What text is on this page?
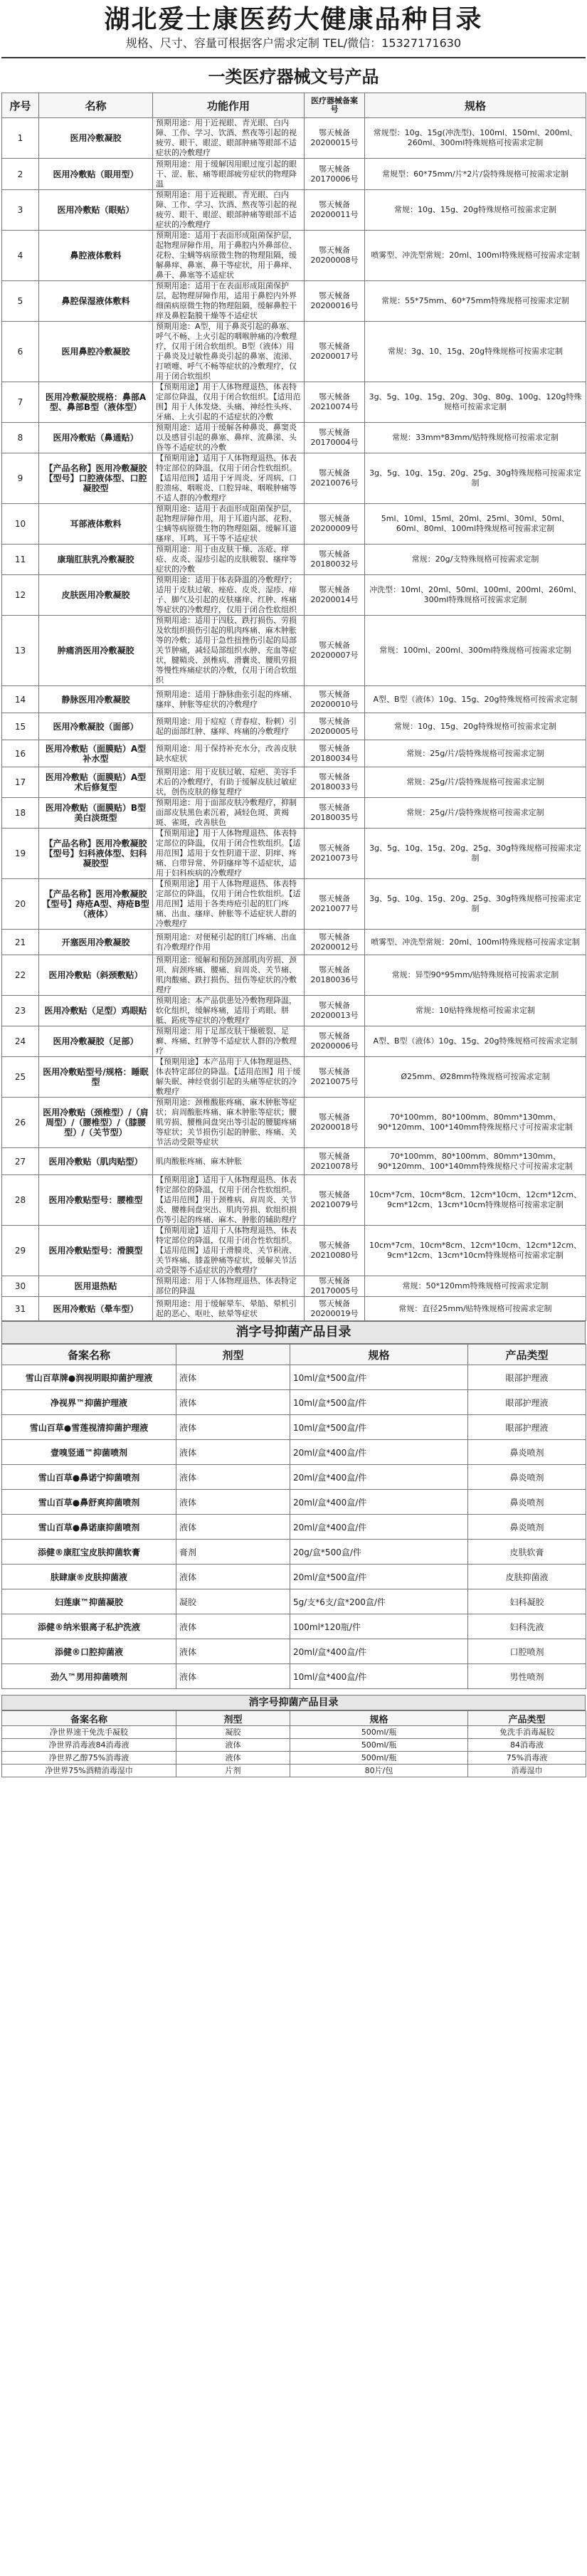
湖北爱士康医药大健康品种目录
规格、尺寸、容量可根据客户需求定制 TEL/微信：15327171630
一类医疗器械文号产品
序号	名称	功能作用	医疗器械备案号	规格
1	医用冷敷凝胶	预期用途：用于近视眼、青光眼、白内障、工作、学习、饮酒、熬夜等引起的视疲劳、眼干、眼涩、眼部肿痛等眼部不适症状的冷敷理疗	鄂天械备20200015号	常规型：10g、15g(冲洗型)、100ml、150ml、200ml、260ml、300ml特殊规格可按需求定制
2	医用冷敷贴（眼用型）	预期用途：用于缓解因用眼过度引起的眼干、涩、胀、痛等眼部疲劳症状的物理降温	鄂天械备20170006号	常规型：60*75mm/片*2片/袋特殊规格可按需求定制
3	医用冷敷贴（眼贴）	预期用途：用于近视眼、青光眼、白内障、工作、学习、饮酒、熬夜等引起的视疲劳、眼干、眼涩、眼部肿痛等眼部不适症状的冷敷理疗	鄂天械备20200011号	常规：10g、15g、20g特殊规格可按需求定制
4	鼻腔液体敷料	预期用途：适用于表面形成阻菌保护层，起物理屏障作用，用于鼻腔内外鼻部位、花粉、尘螨等病原微生物的物理阻隔，缓解鼻痒、鼻塞、鼻干等症状，用于鼻痒、鼻干、鼻塞等不适症状	鄂天械备20200008号	喷雾型、冲洗型常规：20ml、100ml特殊规格可按需求定制
5	鼻腔保湿液体敷料	预期用途：适用于在表面形成阻菌保护层，起物理屏障作用，适用于鼻腔内外界细菌病原微生物的物理阻隔，缓解鼻腔干痒及鼻腔黏膜干燥等不适症状	鄂天械备20200016号	常规：55*75mm、60*75mm特殊规格可按需求定制
6	医用鼻腔冷敷凝胶	预期用途：A型，用于鼻炎引起的鼻塞、呼气不畅、上火引起的咽喉肿痛的冷敷理疗，仅用于闭合软组织。B型（液体）用于鼻炎及过敏性鼻炎引起的鼻塞、流涕、打喷嚏、呼气不畅等症状的冷敷理疗，仅用于闭合软组织	鄂天械备20200017号	常规：3g、10、15g、20g特殊规格可按需求定制
7	医用冷敷凝胶规格：鼻部A型、鼻部B型（液体型）	【预期用途】用于人体物理退热、体表特定部位降温，仅用于闭合软组织。【适用范围】用于人体发烧、头痛、神经性头疼、牙痛、上火引起的不适症状的冷敷	鄂天械备20210074号	3g、5g、10g、15g、20g、30g、80g、100g、120g特殊规格可按需求定制
8	医用冷敷贴（鼻通贴）	预期用途：适用于缓解各种鼻炎、鼻窦炎以及感冒引起的鼻塞、鼻痒、流鼻涕、头昏等不适症状的冷敷	鄂天械备20170004号	常规：33mm*83mm/贴特殊规格可按需求定制
9	【产品名称】医用冷敷凝胶【型号】口腔液体型、口腔凝胶型	【预期用途】适用于人体物理退热、体表特定部位的降温，仅用于闭合性软组织。【适用范围】适用于牙周炎、牙周病、口腔溃疡、咽喉炎、口腔异味、咽喉肿痛等不适人群的冷敷理疗	鄂天械备20210076号	3g、5g、10g、15g、20g、25g、30g特殊规格可按需求定制
10	耳部液体敷料	预期用途：适用于表面形成阻菌保护层，起物理屏障作用，用于耳道内部、花粉、尘螨等病原微生物的物理阻隔、缓解耳道瘙痒、耳鸣、耳干等不适症状	鄂天械备20200009号	5ml、10ml、15ml、20ml、25ml、30ml、50ml、60ml、80ml、100ml特殊规格可按需求定制
11	康瑞肛肤乳冷敷凝胶	预期用途：用于由皮肤干燥、冻疮、痒疮、皮炎、湿疹引起的皮肤皲裂、瘙痒等症状的冷敷	鄂天械备20180032号	常规：20g/支特殊规格可按需求定制
12	皮肤医用冷敷凝胶	预期用途：适用于体表降温的冷敷理疗；适用于皮肤过敏、痤疮、皮炎、湿疹、痱子、脚气及引起的皮肤瘙痒、红肿、疼痛等症状的冷敷理疗，仅用于闭合性软组织	鄂天械备20200014号	冲洗型：10ml、20ml、50ml、100ml、200ml、260ml、300ml特殊规格可按需求定制
13	肿痛消医用冷敷凝胶	预期用途：适用于四肢、跌打损伤、劳损及软组织损伤引起的肌肉疼痛、麻木肿胀等的冷敷；适用于急性扭挫伤引起的局部关节肿痛，减轻局部组织水肿、充血等症状，腱鞘炎、颈椎病、滑囊炎、腰肌劳损等慢性疼痛症状的冷敷，仅用于闭合软组织	鄂天械备20200007号	常规：100ml、200ml、300ml特殊规格可按需求定制
14	静脉医用冷敷凝胶	预期用途：适用于静脉曲张引起的疼痛、瘙痒、肿胀等症状的冷敷理疗	鄂天械备20200010号	A型、B型（液体）10g、15g、20g特殊规格可按需求定制
15	医用冷敷凝胶（面部）	预期用途：用于痘痘（青春痘、粉刺）引起的面部红肿、瘙痒、疼痛的冷敷理疗	鄂天械备20200005号	常规：10g、15g、20g特殊规格可按需求定制
16	医用冷敷贴（面膜贴）A型 补水型	预期用途：用于保持补充水分，改善皮肤缺水症状	鄂天械备20180034号	常规：25g/片/袋特殊规格可按需求定制
17	医用冷敷贴（面膜贴）A型 术后修复型	预期用途：用于皮肤过敏、痘疤、美容手术后的冷敷理疗，有助于缓解皮肤过敏症状，创伤皮肤的修复理疗	鄂天械备20180033号	常规：25g/片/袋特殊规格可按需求定制
18	医用冷敷贴（面膜贴）B型 美白淡斑型	预期用途：用于面部皮肤冷敷理疗，抑制面部皮肤黑色素沉着，减轻色斑、黄褐斑、雀斑，改善肤色	鄂天械备20180035号	常规：25g/片/袋特殊规格可按需求定制
19	【产品名称】医用冷敷凝胶【型号】妇科液体型、妇科凝胶型	【预期用途】用于人体物理退热、体表特定部位的降温，仅用于闭合性软组织。【适用范围】适用于女性阴道干涩、阴痒、疼痛、白带异常、外阴瘙痒等不适症状，适用于妇科疾病的冷敷理疗	鄂天械备20210073号	3g、5g、10g、15g、20g、25g、30g特殊规格可按需求定制
20	【产品名称】医用冷敷凝胶【型号】痔疮A型、痔疮B型（液体）	【预期用途】用于人体物理退热、体表特定部位的降温，仅用于闭合性软组织。【适用范围】适用于各类痔疮引起的肛门疼痛、出血、瘙痒、肿胀等不适症状人群的冷敷理疗	鄂天械备20210077号	3g、5g、10g、15g、20g、25g、30g特殊规格可按需求定制
21	开塞医用冷敷凝胶	预期用途：对便秘引起的肛门疼痛、出血有冷敷理疗作用	鄂天械备20200012号	喷雾型、冲洗型常规：20ml、100ml特殊规格可按需求定制
22	医用冷敷贴（斜颈敷贴）	预期用途：缓解和预防颈部肌肉劳损、颈项、肩颈疼痛、腰痛、肩周炎、关节痛、肌肉酸痛、跌打损伤、扭伤等症状的冷敷理疗	鄂天械备20180036号	常规：异型90*95mm/贴特殊规格可按需求定制
23	医用冷敷贴（足型）鸡眼贴	预期用途：本产品供患处冷敷物理降温，软化组织，缓解疼痛，适用于鸡眼、胼胝、跖疣等症状的冷敷理疗	鄂天械备20200013号	常规：10贴特殊规格可按需求定制
24	医用冷敷凝胶（足部）	预期用途：用于足部皮肤干燥皲裂、足癣、疼痛、红肿等不适症状人群的冷敷理疗	鄂天械备20200006号	A型、B型（液体）10g、15g、20g特殊规格可按需求定制
25	医用冷敷贴型号/规格：睡眠型	【预期用途】本产品用于人体物理退热、体表特定部位的降温。【适用范围】用于缓解失眠、神经衰弱引起的头痛等症状的冷敷理疗	鄂天械备20210075号	Ø25mm、Ø28mm特殊规格可按需求定制
26	医用冷敷贴（颈椎型）/（肩周型）/（腰椎型）/（膝腰型）/（关节型）	预期用途：颈椎酸胀疼痛、麻木肿胀等症状；肩周酸胀疼痛、麻木肿胀等症状；腰肌劳损、腰椎间盘突出等引起的腰腿疼痛等症状；关节损伤引起的肿胀、疼痛、关节活动受限等症状	鄂天械备20200018号	70*100mm、80*100mm、80mm*130mm、90*120mm、100*140mm特殊规格尺寸可按需求定制
27	医用冷敷贴（肌肉贴型）	肌肉酸胀疼痛、麻木肿胀	鄂天械备20210078号	70*100mm、80*100mm、80mm*130mm、90*120mm、100*140mm特殊规格尺寸可按需求定制
28	医用冷敷贴型号：腰椎型	【预期用途】适用于人体物理退热、体表特定部位的降温，仅用于闭合性软组织。【适用范围】用于颈椎病、肩周炎、关节炎、腰椎间盘突出、肌肉劳损、软组织损伤等引起的疼痛、麻木、肿胀的辅助理疗	鄂天械备20210079号	10cm*7cm、10cm*8cm、12cm*10cm、12cm*12cm、9cm*12cm、13cm*10cm特殊规格可按需求定制
29	医用冷敷贴型号：滑膜型	【预期用途】适用于人体物理退热、体表特定部位的降温，仅用于闭合性软组织。【适用范围】适用于滑膜炎、关节积液、关节疼痛、膝盖肿痛等症状，缓解关节活动受限等不适症状的冷敷理疗	鄂天械备20210080号	10cm*7cm、10cm*8cm、12cm*10cm、12cm*12cm、9cm*12cm、13cm*10cm特殊规格可按需求定制
30	医用退热贴	预期用途：用于人体物理退热、体表特定部位的降温	鄂天械备20170005号	常规：50*120mm特殊规格可按需求定制
31	医用冷敷贴（晕车型）	预期用途：用于缓解晕车、晕船、晕机引起的恶心、呕吐、眩晕等症状	鄂天械备20200019号	常规：直径25mm/贴特殊规格可按需求定制
消字号抑菌产品目录
备案名称	剂型	规格	产品类型
雪山百草牌●润视明眼抑菌护理液	液体	10ml/盒*500盒/件	眼部护理液
净视界™抑菌护理液	液体	10ml/盒*500盒/件	眼部护理液
雪山百草●雪莲视清抑菌护理液	液体	10ml/盒*500盒/件	眼部护理液
壹嗅竖通™抑菌喷剂	液体	20ml/盒*400盒/件	鼻炎喷剂
雪山百草●鼻诺宁抑菌喷剂	液体	20ml/盒*400盒/件	鼻炎喷剂
雪山百草●鼻舒爽抑菌喷剂	液体	20ml/盒*400盒/件	鼻炎喷剂
雪山百草●鼻诺康抑菌喷剂	液体	20ml/盒*400盒/件	鼻炎喷剂
添健®康肛宝皮肤抑菌软膏	膏剂	20g/盒*500盒/件	皮肤软膏
肤肆康®皮肤抑菌液	液体	20ml/盒*500盒/件	皮肤抑菌液
妇莲康™抑菌凝胶	凝胶	5g/支*6支/盒*200盒/件	妇科凝胶
添健®纳米银离子私护洗液	液体	100ml*120瓶/件	妇科洗液
添健®口腔抑菌液	液体	20ml/盒*400盒/件	口腔喷剂
劲久™男用抑菌喷剂	液体	10ml/盒*400盒/件	男性喷剂
消字号抑菌产品目录
备案名称	剂型	规格	产品类型
净世界速干免洗手凝胶	凝胶	500ml/瓶	免洗手消毒凝胶
净世界消毒液84消毒液	液体	500ml/瓶	84消毒液
净世界乙醇75%消毒液	液体	500ml/瓶	75%消毒液
净世界75%酒精消毒湿巾	片剂	80片/包	消毒湿巾
